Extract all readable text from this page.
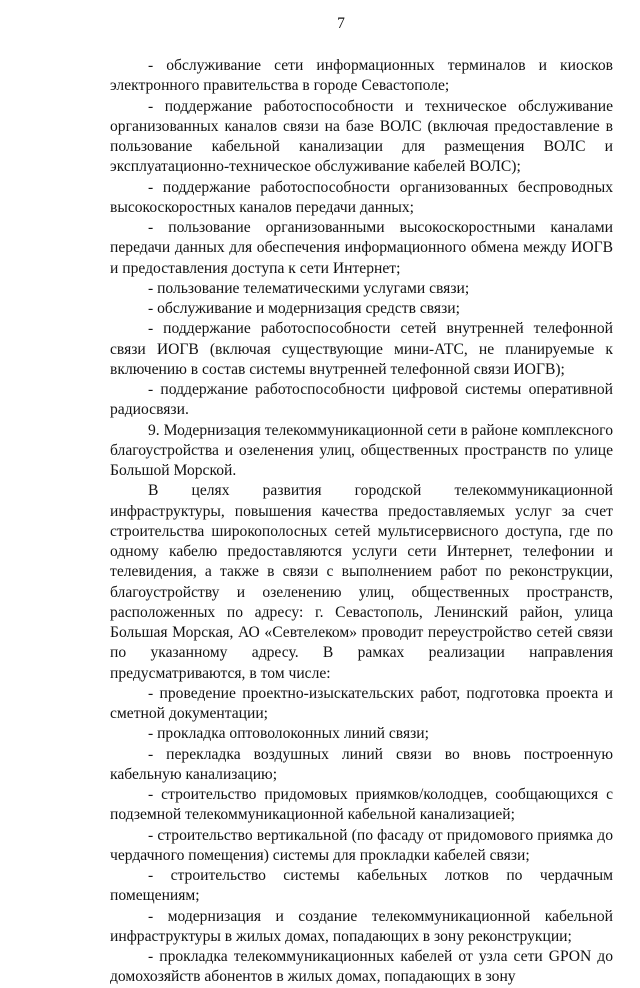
7

- обслуживание сети информационных терминалов и киосков электронного правительства в городе Севастополе;

- поддержание работоспособности и техническое обслуживание организованных каналов связи на базе ВОЛС (включая предоставление в пользование кабельной канализации для размещения ВОЛС и эксплуатационно-техническое обслуживание кабелей ВОЛС);

- поддержание работоспособности организованных беспроводных высокоскоростных каналов передачи данных;

- пользование организованными высокоскоростными каналами передачи данных для обеспечения информационного обмена между ИОГВ и предоставления доступа к сети Интернет;

- пользование телематическими услугами связи;

- обслуживание и модернизация средств связи;

- поддержание работоспособности сетей внутренней телефонной связи ИОГВ (включая существующие мини-АТС, не планируемые к включению в состав системы внутренней телефонной связи ИОГВ);

- поддержание работоспособности цифровой системы оперативной радиосвязи.

9. Модернизация телекоммуникационной сети в районе комплексного благоустройства и озеленения улиц, общественных пространств по улице Большой Морской.

В целях развития городской телекоммуникационной инфраструктуры, повышения качества предоставляемых услуг за счет строительства широкополосных сетей мультисервисного доступа, где по одному кабелю предоставляются услуги сети Интернет, телефонии и телевидения, а также в связи с выполнением работ по реконструкции, благоустройству и озеленению улиц, общественных пространств, расположенных по адресу: г. Севастополь, Ленинский район, улица Большая Морская, АО «Севтелеком» проводит переустройство сетей связи по указанному адресу. В рамках реализации направления предусматриваются, в том числе:

- проведение проектно-изыскательских работ, подготовка проекта и сметной документации;

- прокладка оптоволоконных линий связи;

- перекладка воздушных линий связи во вновь построенную кабельную канализацию;

- строительство придомовых приямков/колодцев, сообщающихся с подземной телекоммуникационной кабельной канализацией;

- строительство вертикальной (по фасаду от придомового приямка до чердачного помещения) системы для прокладки кабелей связи;

- строительство системы кабельных лотков по чердачным помещениям;

- модернизация и создание телекоммуникационной кабельной инфраструктуры в жилых домах, попадающих в зону реконструкции;

- прокладка телекоммуникационных кабелей от узла сети GPON до домохозяйств абонентов в жилых домах, попадающих в зону
